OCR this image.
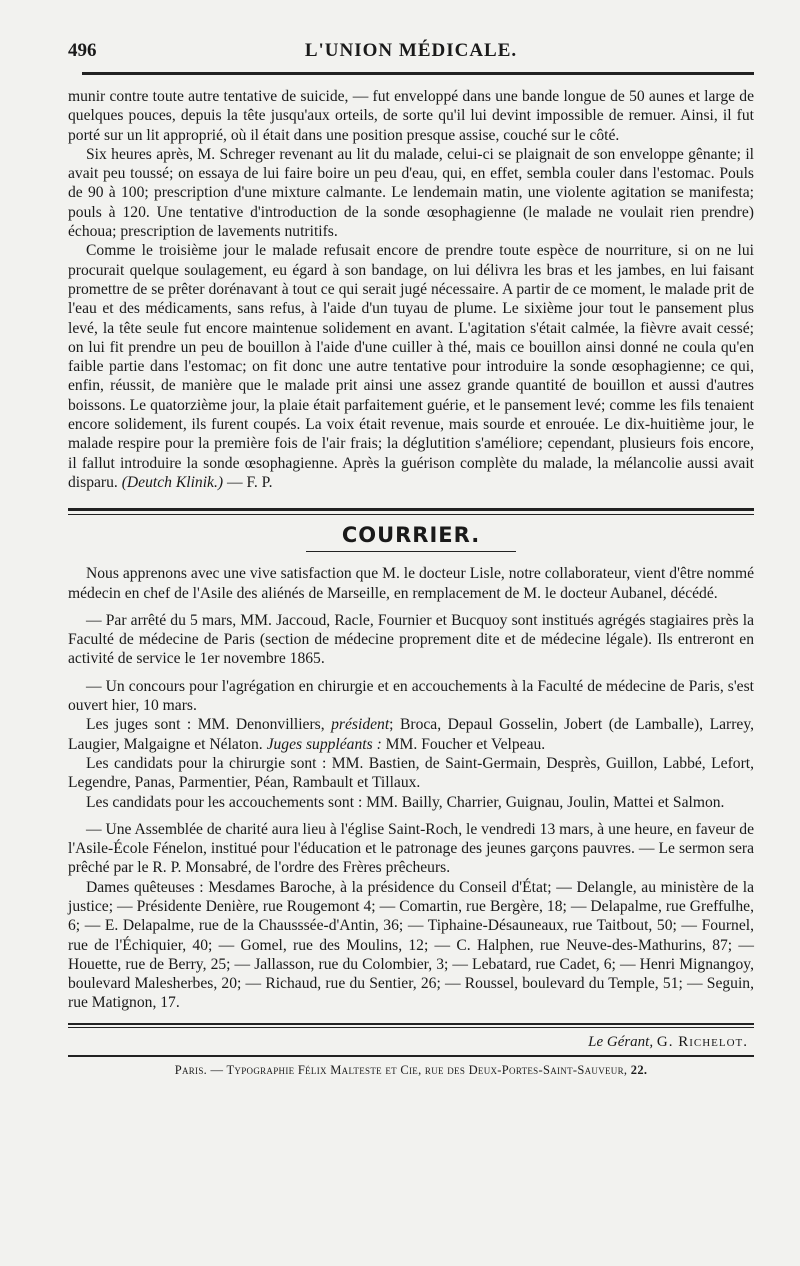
496	L'UNION MÉDICALE.

munir contre toute autre tentative de suicide, — fut enveloppé dans une bande longue de 50 aunes et large de quelques pouces, depuis la tête jusqu'aux orteils, de sorte qu'il lui devint impossible de remuer. Ainsi, il fut porté sur un lit approprié, où il était dans une position presque assise, couché sur le côté.

Six heures après, M. Schreger revenant au lit du malade, celui-ci se plaignait de son enveloppe gênante; il avait peu toussé; on essaya de lui faire boire un peu d'eau, qui, en effet, sembla couler dans l'estomac. Pouls de 90 à 100; prescription d'une mixture calmante. Le lendemain matin, une violente agitation se manifesta; pouls à 120. Une tentative d'introduction de la sonde œsophagienne (le malade ne voulait rien prendre) échoua; prescription de lavements nutritifs.

Comme le troisième jour le malade refusait encore de prendre toute espèce de nourriture, si on ne lui procurait quelque soulagement, eu égard à son bandage, on lui délivra les bras et les jambes, en lui faisant promettre de se prêter dorénavant à tout ce qui serait jugé nécessaire. A partir de ce moment, le malade prit de l'eau et des médicaments, sans refus, à l'aide d'un tuyau de plume. Le sixième jour tout le pansement plus levé, la tête seule fut encore maintenue solidement en avant. L'agitation s'était calmée, la fièvre avait cessé; on lui fit prendre un peu de bouillon à l'aide d'une cuiller à thé, mais ce bouillon ainsi donné ne coula qu'en faible partie dans l'estomac; on fit donc une autre tentative pour introduire la sonde œsophagienne; ce qui, enfin, réussit, de manière que le malade prit ainsi une assez grande quantité de bouillon et aussi d'autres boissons. Le quatorzième jour, la plaie était parfaitement guérie, et le pansement levé; comme les fils tenaient encore solidement, ils furent coupés. La voix était revenue, mais sourde et enrouée. Le dix-huitième jour, le malade respire pour la première fois de l'air frais; la déglutition s'améliore; cependant, plusieurs fois encore, il fallut introduire la sonde œsophagienne. Après la guérison complète du malade, la mélancolie aussi avait disparu. (Deutch Klinik.) — F. P.

COURRIER.

Nous apprenons avec une vive satisfaction que M. le docteur Lisle, notre collaborateur, vient d'être nommé médecin en chef de l'Asile des aliénés de Marseille, en remplacement de M. le docteur Aubanel, décédé.

— Par arrêté du 5 mars, MM. Jaccoud, Racle, Fournier et Bucquoy sont institués agrégés stagiaires près la Faculté de médecine de Paris (section de médecine proprement dite et de médecine légale). Ils entreront en activité de service le 1er novembre 1865.

— Un concours pour l'agrégation en chirurgie et en accouchements à la Faculté de médecine de Paris, s'est ouvert hier, 10 mars.

Les juges sont : MM. Denonvilliers, président; Broca, Depaul Gosselin, Jobert (de Lamballe), Larrey, Laugier, Malgaigne et Nélaton. Juges suppléants : MM. Foucher et Velpeau.

Les candidats pour la chirurgie sont : MM. Bastien, de Saint-Germain, Desprès, Guillon, Labbé, Lefort, Legendre, Panas, Parmentier, Péan, Rambault et Tillaux.

Les candidats pour les accouchements sont : MM. Bailly, Charrier, Guignau, Joulin, Mattei et Salmon.

— Une Assemblée de charité aura lieu à l'église Saint-Roch, le vendredi 13 mars, à une heure, en faveur de l'Asile-École Fénelon, institué pour l'éducation et le patronage des jeunes garçons pauvres. — Le sermon sera prêché par le R. P. Monsabré, de l'ordre des Frères prêcheurs.

Dames quêteuses : Mesdames Baroche, à la présidence du Conseil d'État; — Delangle, au ministère de la justice; — Présidente Denière, rue Rougemont 4; — Comartin, rue Bergère, 18; — Delapalme, rue Greffulhe, 6; — E. Delapalme, rue de la Chausssée-d'Antin, 36; — Tiphaine-Désauneaux, rue Taitbout, 50; — Fournel, rue de l'Échiquier, 40; — Gomel, rue des Moulins, 12; — C. Halphen, rue Neuve-des-Mathurins, 87; — Houette, rue de Berry, 25; — Jallasson, rue du Colombier, 3; — Lebatard, rue Cadet, 6; — Henri Mignangoy, boulevard Malesherbes, 20; — Richaud, rue du Sentier, 26; — Roussel, boulevard du Temple, 51; — Seguin, rue Matignon, 17.

Le Gérant, G. Richelot.
Paris. — Typographie Félix Malteste et Cie, rue des Deux-Portes-Saint-Sauveur, 22.
